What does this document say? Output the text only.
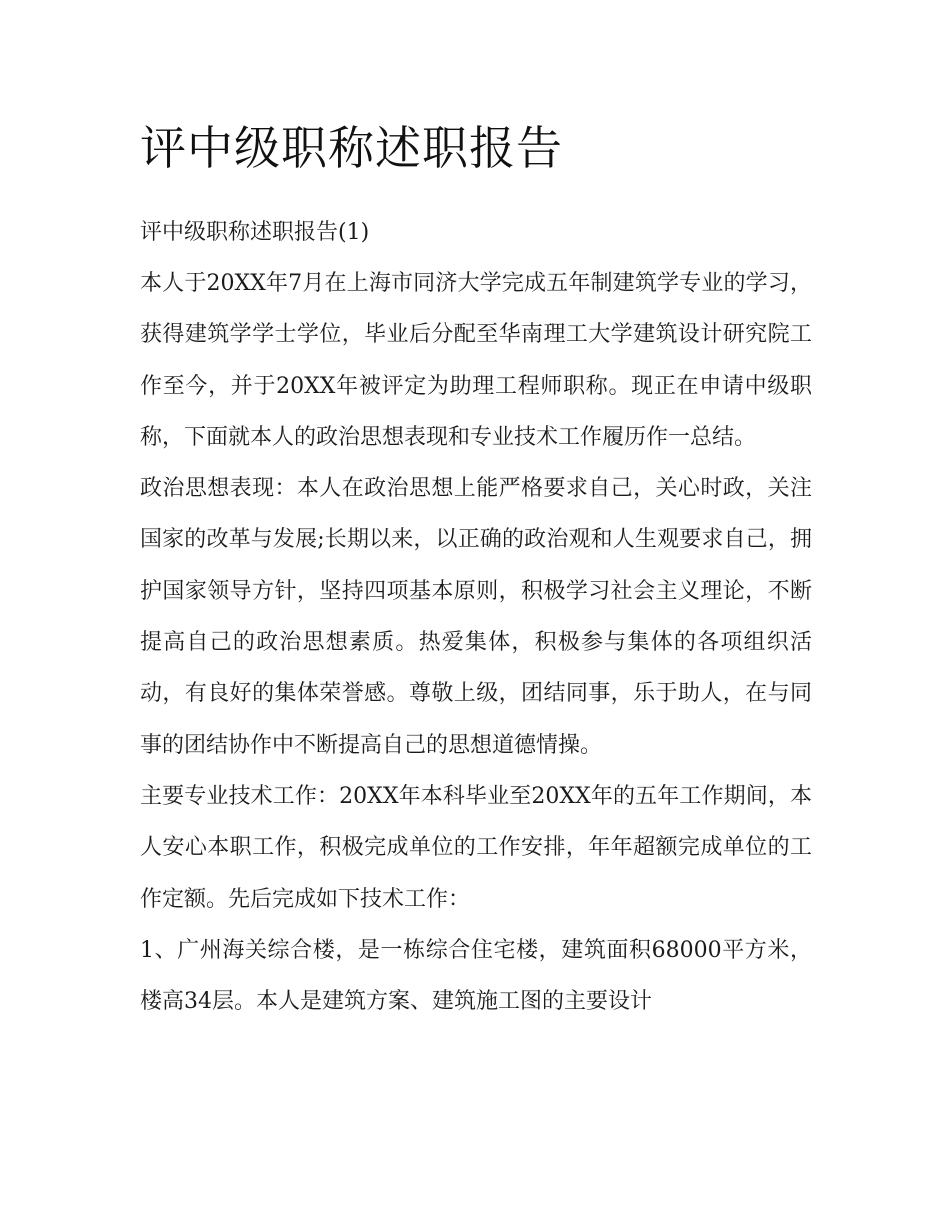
评中级职称述职报告

评中级职称述职报告(1)

本人于20XX年7月在上海市同济大学完成五年制建筑学专业的学习，获得建筑学学士学位，毕业后分配至华南理工大学建筑设计研究院工作至今，并于20XX年被评定为助理工程师职称。现正在申请中级职称，下面就本人的政治思想表现和专业技术工作履历作一总结。

政治思想表现：本人在政治思想上能严格要求自己，关心时政，关注国家的改革与发展;长期以来，以正确的政治观和人生观要求自己，拥护国家领导方针，坚持四项基本原则，积极学习社会主义理论，不断提高自己的政治思想素质。热爱集体，积极参与集体的各项组织活动，有良好的集体荣誉感。尊敬上级，团结同事，乐于助人，在与同事的团结协作中不断提高自己的思想道德情操。

主要专业技术工作：20XX年本科毕业至20XX年的五年工作期间，本人安心本职工作，积极完成单位的工作安排，年年超额完成单位的工作定额。先后完成如下技术工作：

1、广州海关综合楼，是一栋综合住宅楼，建筑面积68000平方米，楼高34层。本人是建筑方案、建筑施工图的主要设计
